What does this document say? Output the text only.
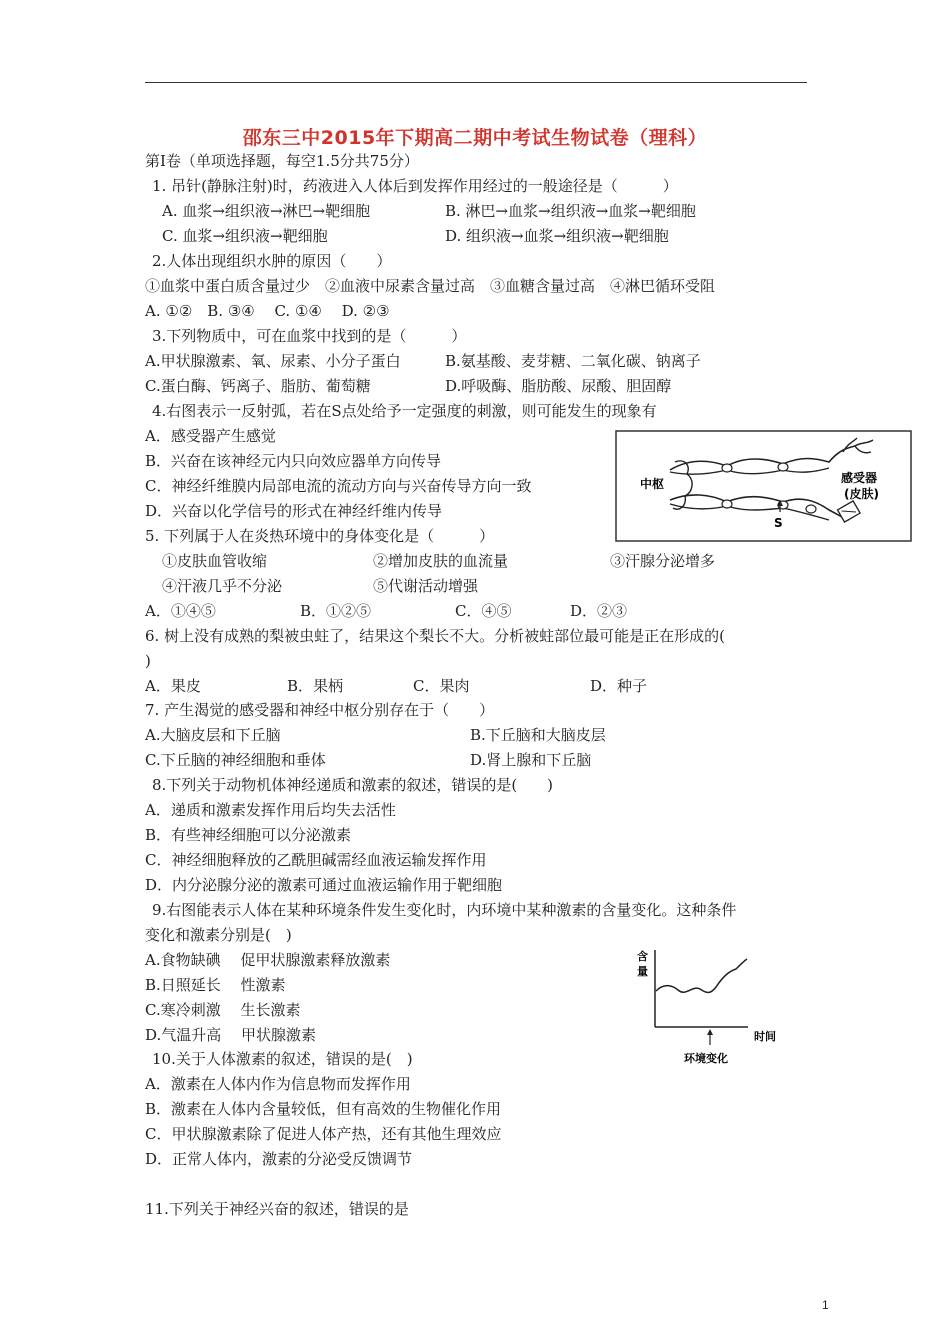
邵东三中2015年下期高二期中考试生物试卷（理科）
第Ⅰ卷（单项选择题，每空1.5分共75分）
1. 吊针(静脉注射)时，药液进入人体后到发挥作用经过的一般途径是（　　　）
A. 血浆→组织液→淋巴→靶细胞	B. 淋巴→血浆→组织液→血浆→靶细胞
C. 血浆→组织液→靶细胞	D. 组织液→血浆→组织液→靶细胞
2.人体出现组织水肿的原因（　　）
①血浆中蛋白质含量过少　②血液中尿素含量过高　③血糖含量过高　④淋巴循环受阻
A. ①②　B. ③④　 C. ①④　 D. ②③
3.下列物质中，可在血浆中找到的是（　　　）
A.甲状腺激素、氧、尿素、小分子蛋白	B.氨基酸、麦芽糖、二氧化碳、钠离子
C.蛋白酶、钙离子、脂肪、葡萄糖	D.呼吸酶、脂肪酸、尿酸、胆固醇
4.右图表示一反射弧，若在S点处给予一定强度的刺激，则可能发生的现象有
A．感受器产生感觉
B．兴奋在该神经元内只向效应器单方向传导
C．神经纤维膜内局部电流的流动方向与兴奋传导方向一致
D．兴奋以化学信号的形式在神经纤维内传导
S
中枢	感受器
(皮肤)
5. 下列属于人在炎热环境中的身体变化是（　　　）
①皮肤血管收缩	②增加皮肤的血流量	③汗腺分泌增多
④汗液几乎不分泌	⑤代谢活动增强
A．①④⑤	B．①②⑤	C．④⑤	D．②③
6. 树上没有成熟的梨被虫蛀了，结果这个梨长不大。分析被蛀部位最可能是正在形成的(
)
A．果皮	B．果柄	C．果肉	D．种子
7. 产生渴觉的感受器和神经中枢分别存在于（　　）
A.大脑皮层和下丘脑	B.下丘脑和大脑皮层
C.下丘脑的神经细胞和垂体	D.肾上腺和下丘脑
8.下列关于动物机体神经递质和激素的叙述，错误的是(　　)
A．递质和激素发挥作用后均失去活性
B．有些神经细胞可以分泌激素
C．神经细胞释放的乙酰胆碱需经血液运输发挥作用
D．内分泌腺分泌的激素可通过血液运输作用于靶细胞
9.右图能表示人体在某种环境条件发生变化时，内环境中某种激素的含量变化。这种条件
变化和激素分别是(　)
A.食物缺碘　 促甲状腺激素释放激素
B.日照延长　 性激素
C.寒冷刺激　 生长激素
D.气温升高　 甲状腺激素
含
量
时间
环境变化
10.关于人体激素的叙述，错误的是(　)
A．激素在人体内作为信息物而发挥作用
B．激素在人体内含量较低，但有高效的生物催化作用
C．甲状腺激素除了促进人体产热，还有其他生理效应
D．正常人体内，激素的分泌受反馈调节
11.下列关于神经兴奋的叙述，错误的是
1
